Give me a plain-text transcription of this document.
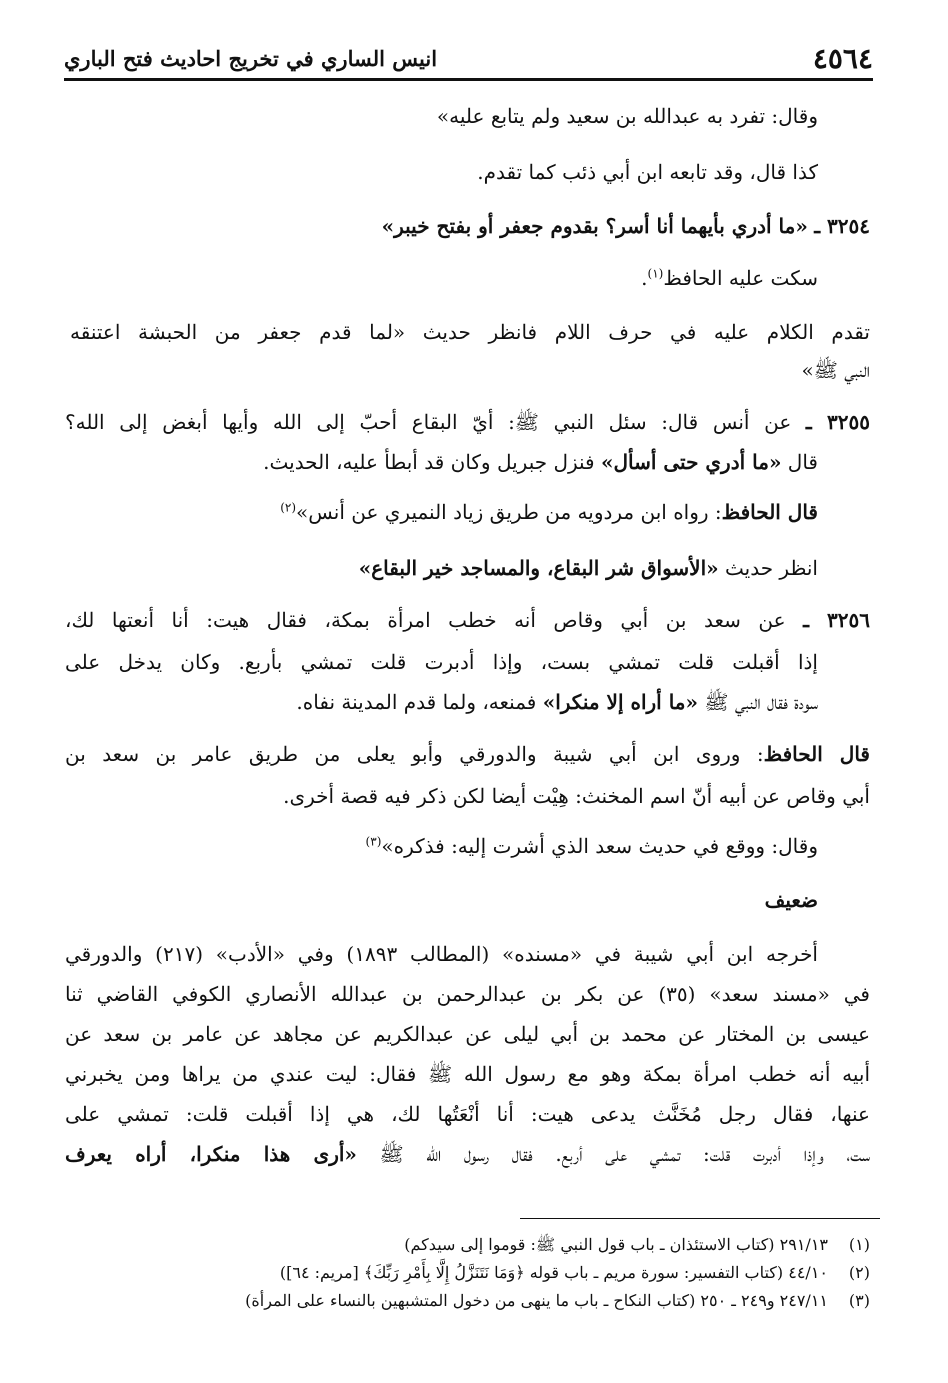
٤٥٦٤
انيس الساري في تخريج احاديث فتح الباري
وقال: تفرد به عبدالله بن سعيد ولم يتابع عليه»
كذا قال، وقد تابعه ابن أبي ذئب كما تقدم.
٣٢٥٤ ـ «ما أدري بأيهما أنا أسر؟ بقدوم جعفر أو بفتح خيبر»
سكت عليه الحافظ$^{(١)}$.
تقدم الكلام عليه في حرف اللام فانظر حديث «لما قدم جعفر من الحبشة اعتنقه
النبي ﷺ»
٣٢٥٥ ـ عن أنس قال: سئل النبي ﷺ: أيّ البقاع أحبّ إلى الله وأيها أبغض إلى الله؟
قال «ما أدري حتى أسأل» فنزل جبريل وكان قد أبطأ عليه، الحديث.
قال الحافظ: رواه ابن مردويه من طريق زياد النميري عن أنس»$^{(٢)}$
انظر حديث «الأسواق شر البقاع، والمساجد خير البقاع»
٣٢٥٦ ـ عن سعد بن أبي وقاص أنه خطب امرأة بمكة، فقال هيت: أنا أنعتها لك،
إذا أقبلت قلت تمشي بست، وإذا أدبرت قلت تمشي بأربع. وكان يدخل على
سودة فقال النبي ﷺ «ما أراه إلا منكرا» فمنعه، ولما قدم المدينة نفاه.
قال الحافظ: وروى ابن أبي شيبة والدورقي وأبو يعلى من طريق عامر بن سعد بن
أبي وقاص عن أبيه أنّ اسم المخنث: هِيْت أيضا لكن ذكر فيه قصة أخرى.
وقال: ووقع في حديث سعد الذي أشرت إليه: فذكره»$^{(٣)}$
ضعيف
أخرجه ابن أبي شيبة في «مسنده» (المطالب ١٨٩٣) وفي «الأدب» (٢١٧) والدورقي
في «مسند سعد» (٣٥) عن بكر بن عبدالرحمن بن عبدالله الأنصاري الكوفي القاضي ثنا
عيسى بن المختار عن محمد بن أبي ليلى عن عبدالكريم عن مجاهد عن عامر بن سعد عن
أبيه أنه خطب امرأة بمكة وهو مع رسول الله ﷺ فقال: ليت عندي من يراها ومن يخبرني
عنها، فقال رجل مُخَنَّث يدعى هيت: أنا أنْعَتُها لك، هي إذا أقبلت قلت: تمشي على
ست، وإذا أدبرت قلت: تمشي على أربع. فقال رسول الله ﷺ «أرى هذا منكرا، أراه يعرف
(١)٢٩١/١٣ (كتاب الاستئذان ـ باب قول النبي ﷺ: قوموا إلى سيدكم)
(٢)٤٤/١٠ (كتاب التفسير: سورة مريم ـ باب قوله ﴿وَمَا نَتَنَزَّلُ إِلَّا بِأَمْرِ رَبِّكَ﴾ [مريم: ٦٤])
(٣)٢٤٧/١١ و٢٤٩ ـ ٢٥٠ (كتاب النكاح ـ باب ما ينهى من دخول المتشبهين بالنساء على المرأة)
